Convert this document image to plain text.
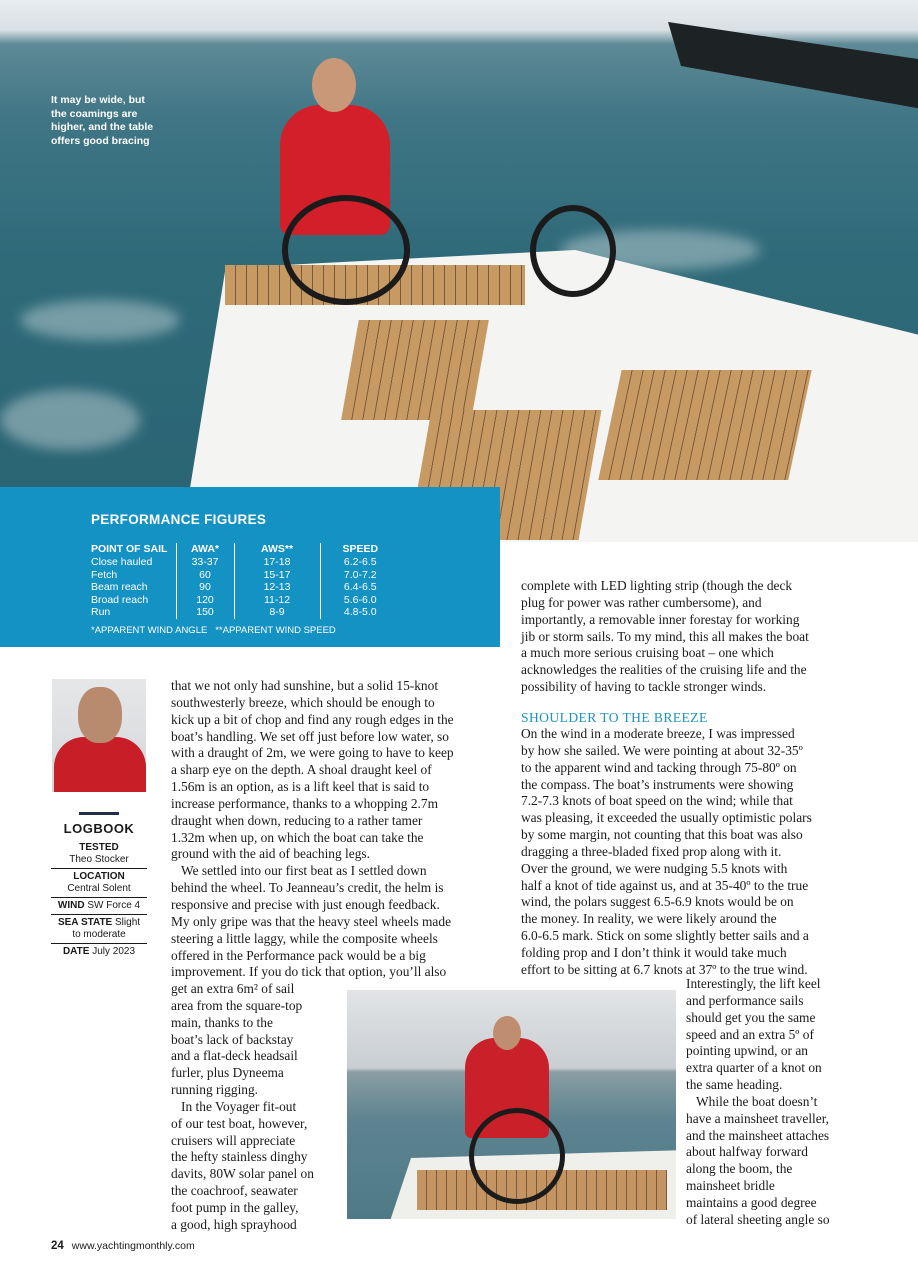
It may be wide, but the coamings are higher, and the table offers good bracing
PERFORMANCE FIGURES
POINT OF SAIL	AWA*	AWS**	SPEED
Close hauled	33-37	17-18	6.2-6.5
Fetch	60	15-17	7.0-7.2
Beam reach	90	12-13	6.4-6.5
Broad reach	120	11-12	5.6-6.0
Run	150	8-9	4.8-5.0
*APPARENT WIND ANGLE   **APPARENT WIND SPEED
LOGBOOK
TESTED
Theo Stocker
LOCATION
Central Solent
WIND SW Force 4
SEA STATE Slight
to moderate
DATE July 2023
that we not only had sunshine, but a solid 15-knot
southwesterly breeze, which should be enough to
kick up a bit of chop and find any rough edges in the
boat’s handling. We set off just before low water, so
with a draught of 2m, we were going to have to keep
a sharp eye on the depth. A shoal draught keel of
1.56m is an option, as is a lift keel that is said to
increase performance, thanks to a whopping 2.7m
draught when down, reducing to a rather tamer
1.32m when up, on which the boat can take the
ground with the aid of beaching legs.
We settled into our first beat as I settled down
behind the wheel. To Jeanneau’s credit, the helm is
responsive and precise with just enough feedback.
My only gripe was that the heavy steel wheels made
steering a little laggy, while the composite wheels
offered in the Performance pack would be a big
improvement. If you do tick that option, you’ll also
get an extra 6m² of sail
area from the square-top
main, thanks to the
boat’s lack of backstay
and a flat-deck headsail
furler, plus Dyneema
running rigging.
In the Voyager fit-out
of our test boat, however,
cruisers will appreciate
the hefty stainless dinghy
davits, 80W solar panel on
the coachroof, seawater
foot pump in the galley,
a good, high sprayhood
complete with LED lighting strip (though the deck
plug for power was rather cumbersome), and
importantly, a removable inner forestay for working
jib or storm sails. To my mind, this all makes the boat
a much more serious cruising boat – one which
acknowledges the realities of the cruising life and the
possibility of having to tackle stronger winds.
SHOULDER TO THE BREEZE
On the wind in a moderate breeze, I was impressed
by how she sailed. We were pointing at about 32-35º
to the apparent wind and tacking through 75-80º on
the compass. The boat’s instruments were showing
7.2-7.3 knots of boat speed on the wind; while that
was pleasing, it exceeded the usually optimistic polars
by some margin, not counting that this boat was also
dragging a three-bladed fixed prop along with it.
Over the ground, we were nudging 5.5 knots with
half a knot of tide against us, and at 35-40º to the true
wind, the polars suggest 6.5-6.9 knots would be on
the money. In reality, we were likely around the
6.0-6.5 mark. Stick on some slightly better sails and a
folding prop and I don’t think it would take much
effort to be sitting at 6.7 knots at 37º to the true wind.
Interestingly, the lift keel
and performance sails
should get you the same
speed and an extra 5º of
pointing upwind, or an
extra quarter of a knot on
the same heading.
While the boat doesn’t
have a mainsheet traveller,
and the mainsheet attaches
about halfway forward
along the boom, the
mainsheet bridle
maintains a good degree
of lateral sheeting angle so
24 www.yachtingmonthly.com
